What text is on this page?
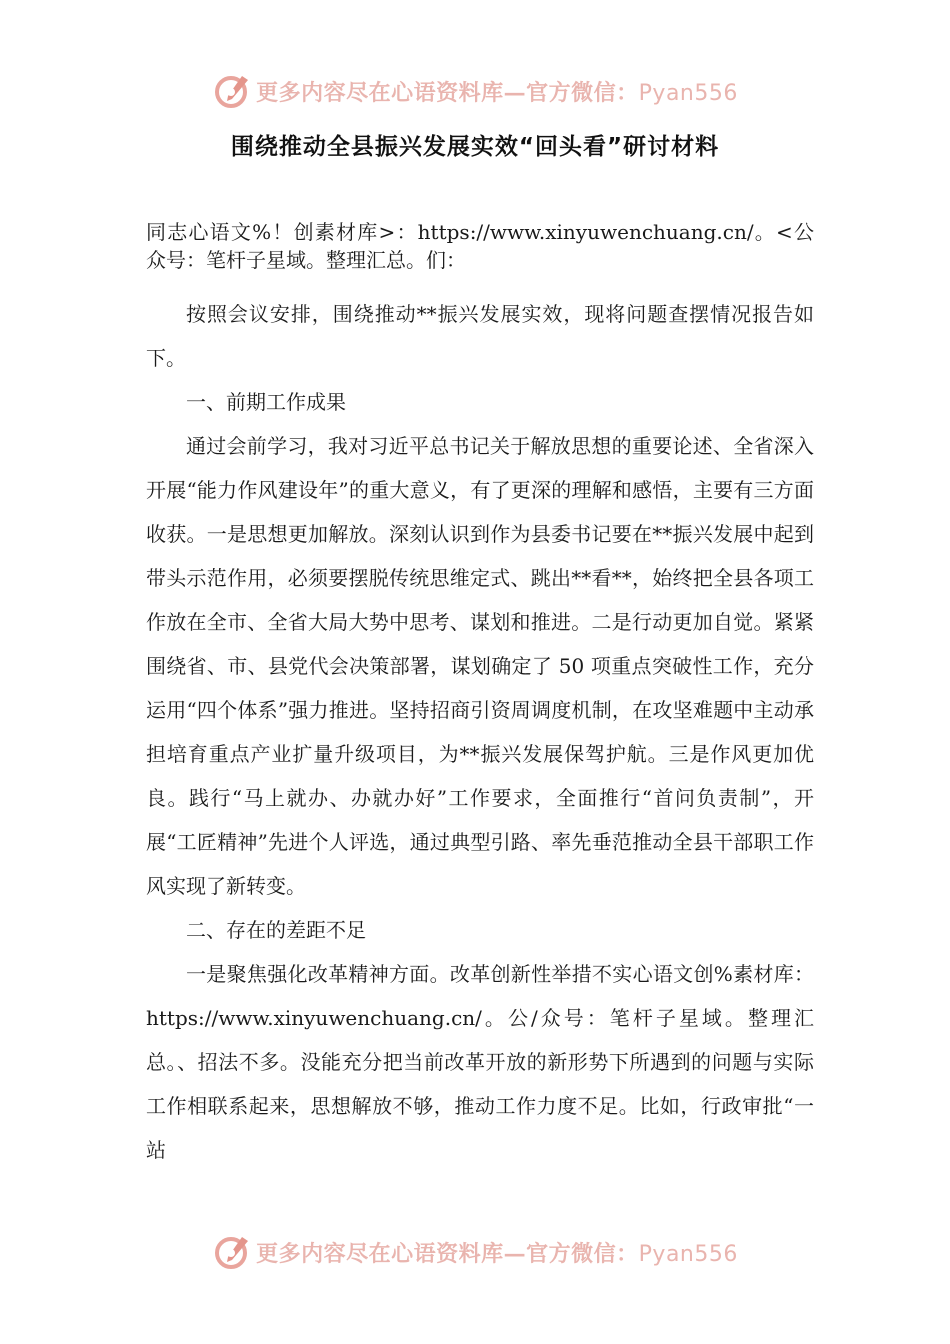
更多内容尽在心语资料库—官方微信：Pyan556
围绕推动全县振兴发展实效“回头看”研讨材料

同志心语文%！创素材库>：https://www.xinyuwenchuang.cn/。<公众号：笔杆子星域。整理汇总。们：

按照会议安排，围绕推动**振兴发展实效，现将问题查摆情况报告如下。

一、前期工作成果

通过会前学习，我对习近平总书记关于解放思想的重要论述、全省深入开展“能力作风建设年”的重大意义，有了更深的理解和感悟，主要有三方面收获。一是思想更加解放。深刻认识到作为县委书记要在**振兴发展中起到带头示范作用，必须要摆脱传统思维定式、跳出**看**，始终把全县各项工作放在全市、全省大局大势中思考、谋划和推进。二是行动更加自觉。紧紧围绕省、市、县党代会决策部署，谋划确定了 50 项重点突破性工作，充分运用“四个体系”强力推进。坚持招商引资周调度机制，在攻坚难题中主动承担培育重点产业扩量升级项目，为**振兴发展保驾护航。三是作风更加优良。践行“马上就办、办就办好”工作要求，全面推行“首问负责制”，开展“工匠精神”先进个人评选，通过典型引路、率先垂范推动全县干部职工作风实现了新转变。

二、存在的差距不足

一是聚焦强化改革精神方面。改革创新性举措不实心语文创%素材库：https://www.xinyuwenchuang.cn/。公/众号：笔杆子星域。整理汇总。、招法不多。没能充分把当前改革开放的新形势下所遇到的问题与实际工作相联系起来，思想解放不够，推动工作力度不足。比如，行政审批“一站

更多内容尽在心语资料库—官方微信：Pyan556
